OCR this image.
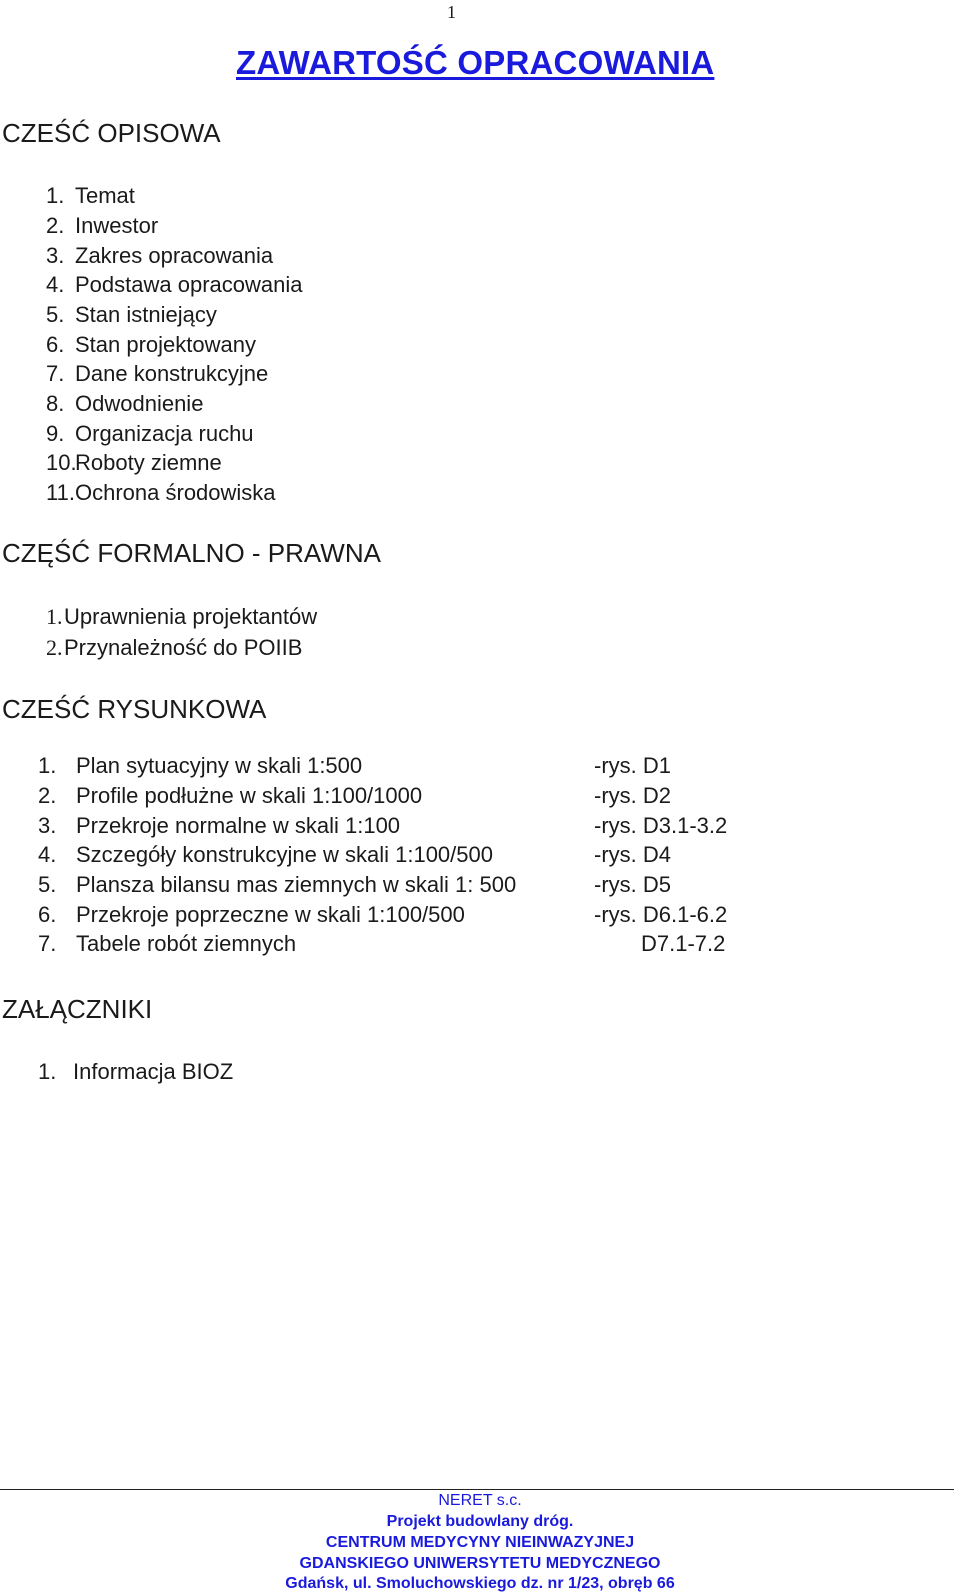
1
ZAWARTOŚĆ OPRACOWANIA
CZEŚĆ OPISOWA
1. Temat
2. Inwestor
3. Zakres opracowania
4. Podstawa opracowania
5. Stan istniejący
6. Stan projektowany
7. Dane konstrukcyjne
8. Odwodnienie
9. Organizacja ruchu
10.
Roboty ziemne
11. Ochrona środowiska
CZĘŚĆ FORMALNO - PRAWNA
1. Uprawnienia projektantów
2. Przynależność do POIIB
CZEŚĆ RYSUNKOWA
1. Plan sytuacyjny w skali 1:500	-rys. D1
2. Profile podłużne w skali 1:100/1000	-rys. D2
3. Przekroje normalne w skali 1:100	-rys. D3.1-3.2
4. Szczegóły konstrukcyjne w skali 1:100/500	-rys. D4
5. Plansza bilansu mas ziemnych w skali 1: 500	-rys. D5
6. Przekroje poprzeczne w skali 1:100/500	-rys. D6.1-6.2
7. Tabele robót ziemnych	D7.1-7.2
ZAŁĄCZNIKI
1. Informacja BIOZ
NERET s.c.
Projekt budowlany dróg.
CENTRUM MEDYCYNY NIEINWAZYJNEJ
GDANSKIEGO UNIWERSYTETU MEDYCZNEGO
Gdańsk, ul. Smoluchowskiego dz. nr 1/23, obręb 66
